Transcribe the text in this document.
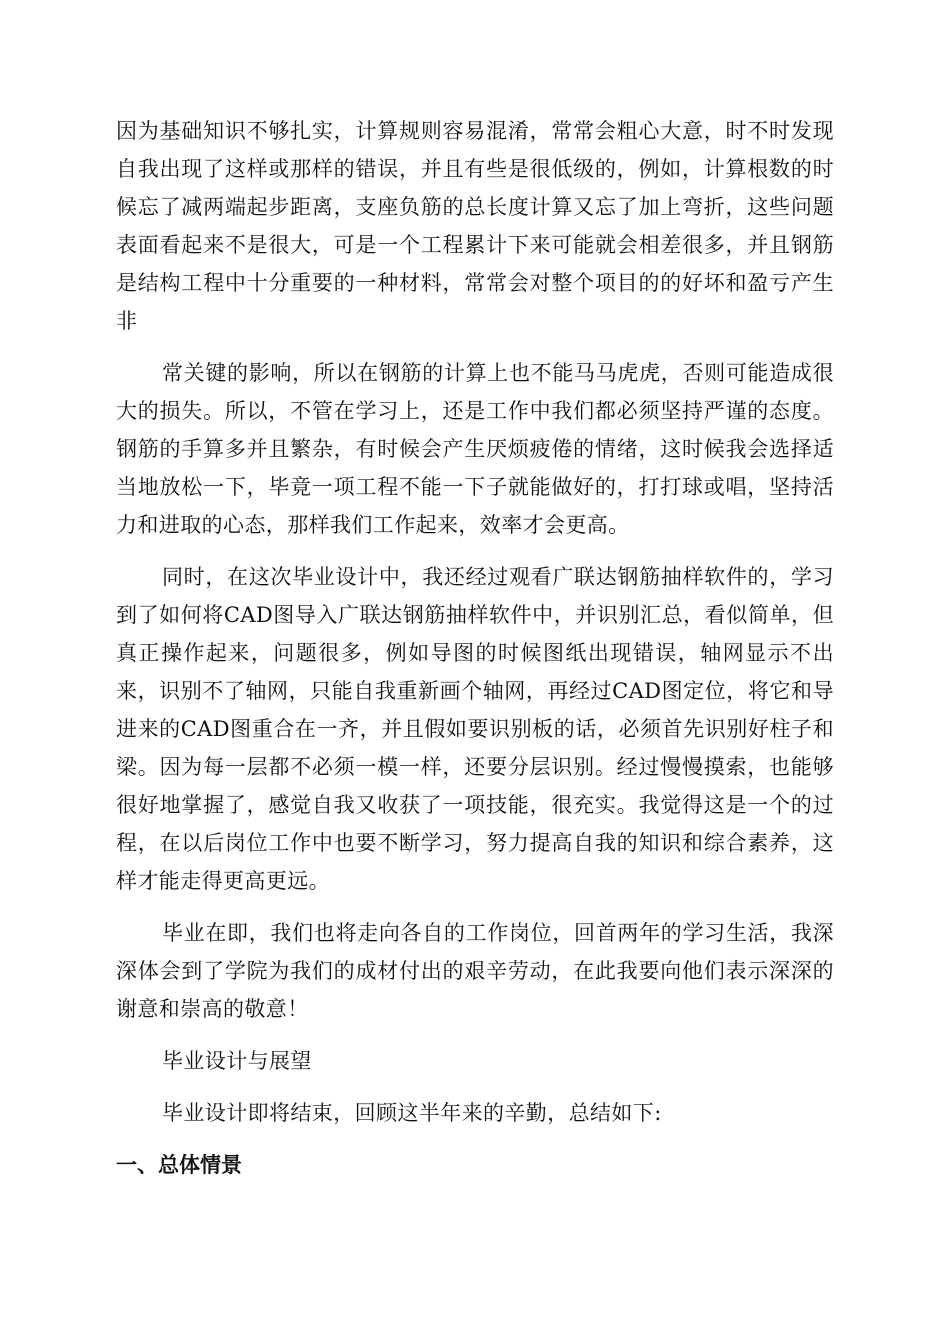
因为基础知识不够扎实，计算规则容易混淆，常常会粗心大意，时不时发现自我出现了这样或那样的错误，并且有些是很低级的，例如，计算根数的时候忘了减两端起步距离，支座负筋的总长度计算又忘了加上弯折，这些问题表面看起来不是很大，可是一个工程累计下来可能就会相差很多，并且钢筋是结构工程中十分重要的一种材料，常常会对整个项目的的好坏和盈亏产生非

常关键的影响，所以在钢筋的计算上也不能马马虎虎，否则可能造成很大的损失。所以，不管在学习上，还是工作中我们都必须坚持严谨的态度。钢筋的手算多并且繁杂，有时候会产生厌烦疲倦的情绪，这时候我会选择适当地放松一下，毕竟一项工程不能一下子就能做好的，打打球或唱，坚持活力和进取的心态，那样我们工作起来，效率才会更高。

同时，在这次毕业设计中，我还经过观看广联达钢筋抽样软件的，学习到了如何将CAD图导入广联达钢筋抽样软件中，并识别汇总，看似简单，但真正操作起来，问题很多，例如导图的时候图纸出现错误，轴网显示不出来，识别不了轴网，只能自我重新画个轴网，再经过CAD图定位，将它和导进来的CAD图重合在一齐，并且假如要识别板的话，必须首先识别好柱子和梁。因为每一层都不必须一模一样，还要分层识别。经过慢慢摸索，也能够很好地掌握了，感觉自我又收获了一项技能，很充实。我觉得这是一个的过程，在以后岗位工作中也要不断学习，努力提高自我的知识和综合素养，这样才能走得更高更远。

毕业在即，我们也将走向各自的工作岗位，回首两年的学习生活，我深深体会到了学院为我们的成材付出的艰辛劳动，在此我要向他们表示深深的谢意和崇高的敬意！

毕业设计与展望

毕业设计即将结束，回顾这半年来的辛勤，总结如下:

一、总体情景
